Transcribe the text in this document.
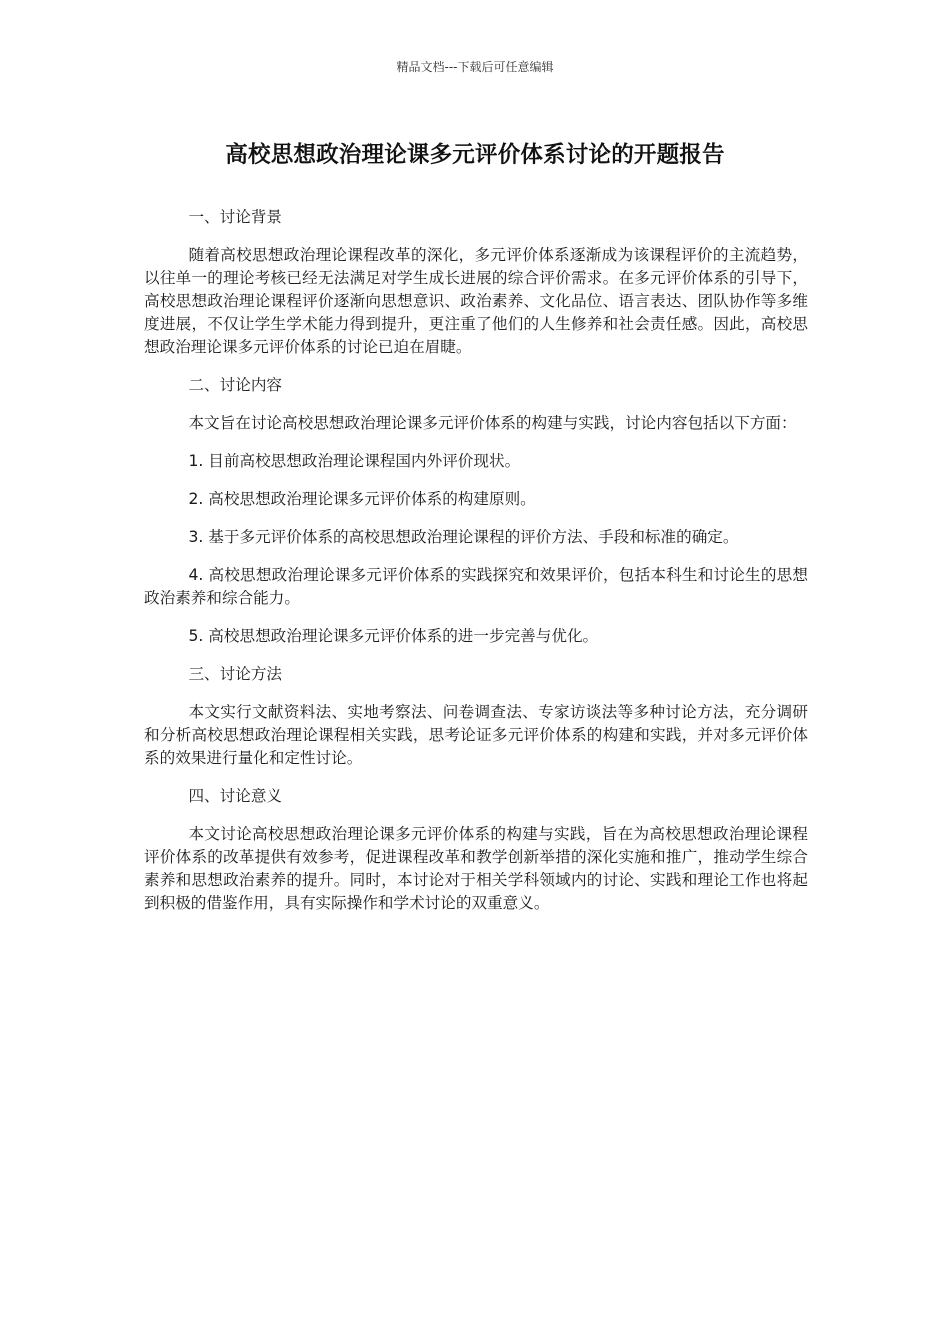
精品文档---下载后可任意编辑
高校思想政治理论课多元评价体系讨论的开题报告

一、讨论背景

随着高校思想政治理论课程改革的深化，多元评价体系逐渐成为该课程评价的主流趋势，以往单一的理论考核已经无法满足对学生成长进展的综合评价需求。在多元评价体系的引导下，高校思想政治理论课程评价逐渐向思想意识、政治素养、文化品位、语言表达、团队协作等多维度进展，不仅让学生学术能力得到提升，更注重了他们的人生修养和社会责任感。因此，高校思想政治理论课多元评价体系的讨论已迫在眉睫。

二、讨论内容

本文旨在讨论高校思想政治理论课多元评价体系的构建与实践，讨论内容包括以下方面：

1. 目前高校思想政治理论课程国内外评价现状。

2. 高校思想政治理论课多元评价体系的构建原则。

3. 基于多元评价体系的高校思想政治理论课程的评价方法、手段和标准的确定。

4. 高校思想政治理论课多元评价体系的实践探究和效果评价，包括本科生和讨论生的思想政治素养和综合能力。

5. 高校思想政治理论课多元评价体系的进一步完善与优化。

三、讨论方法

本文实行文献资料法、实地考察法、问卷调查法、专家访谈法等多种讨论方法，充分调研和分析高校思想政治理论课程相关实践，思考论证多元评价体系的构建和实践，并对多元评价体系的效果进行量化和定性讨论。

四、讨论意义

本文讨论高校思想政治理论课多元评价体系的构建与实践，旨在为高校思想政治理论课程评价体系的改革提供有效参考，促进课程改革和教学创新举措的深化实施和推广，推动学生综合素养和思想政治素养的提升。同时，本讨论对于相关学科领域内的讨论、实践和理论工作也将起到积极的借鉴作用，具有实际操作和学术讨论的双重意义。
